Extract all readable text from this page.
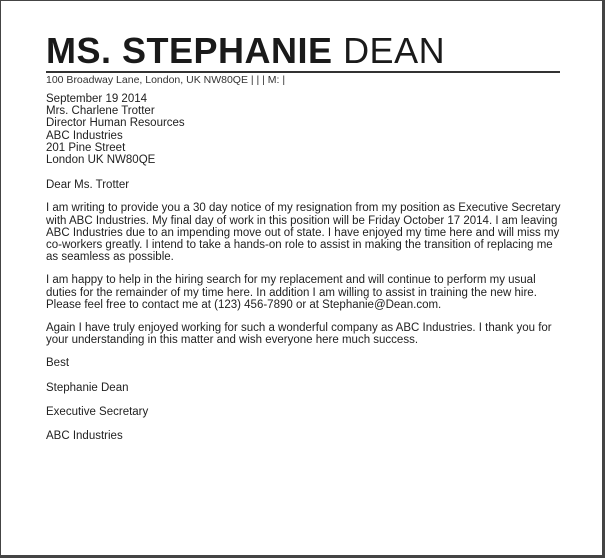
MS. STEPHANIE DEAN
100 Broadway Lane, London, UK NW80QE | | | M: |
September 19 2014
Mrs. Charlene Trotter
Director Human Resources
ABC Industries
201 Pine Street
London UK NW80QE

Dear Ms. Trotter

I am writing to provide you a 30 day notice of my resignation from my position as Executive Secretary with ABC Industries. My final day of work in this position will be Friday October 17 2014. I am leaving ABC Industries due to an impending move out of state. I have enjoyed my time here and will miss my co-workers greatly. I intend to take a hands-on role to assist in making the transition of replacing me as seamless as possible.

I am happy to help in the hiring search for my replacement and will continue to perform my usual duties for the remainder of my time here. In addition I am willing to assist in training the new hire. Please feel free to contact me at (123) 456-7890 or at Stephanie@Dean.com.

Again I have truly enjoyed working for such a wonderful company as ABC Industries. I thank you for your understanding in this matter and wish everyone here much success.

Best

Stephanie Dean

Executive Secretary

ABC Industries
